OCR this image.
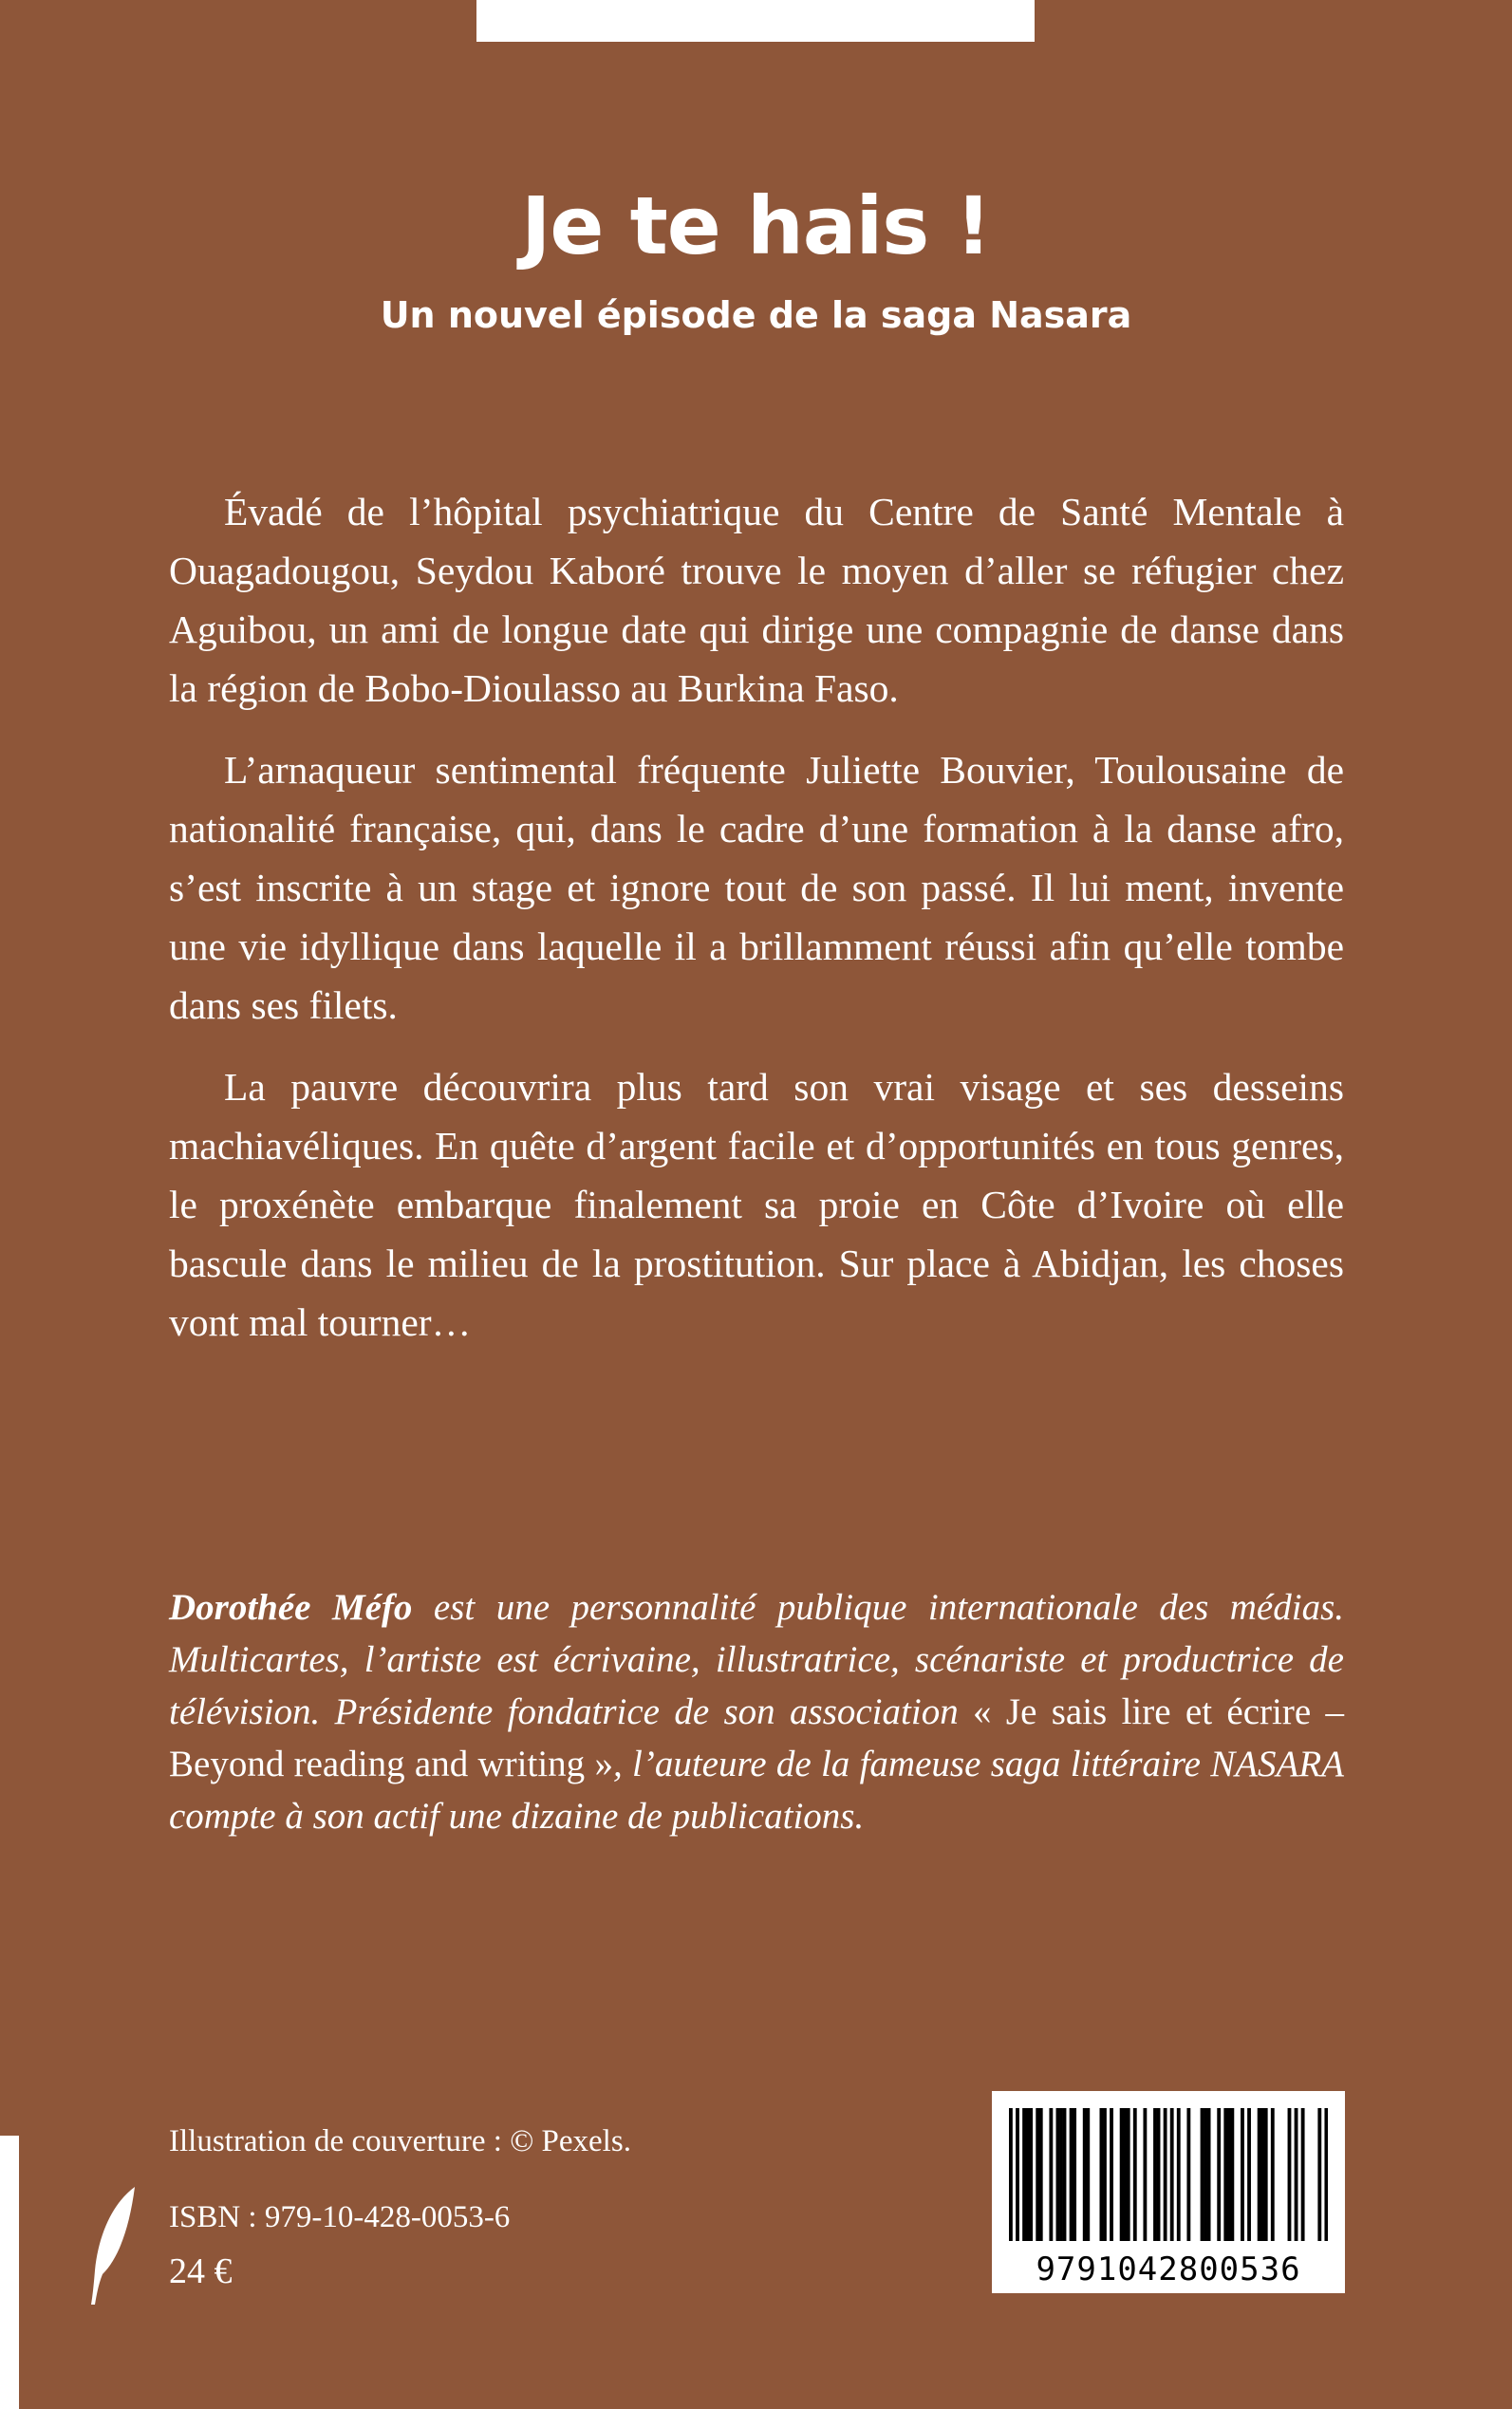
Je te hais !
Un nouvel épisode de la saga Nasara

Évadé de l’hôpital psychiatrique du Centre de Santé Mentale à Ouagadougou, Seydou Kaboré trouve le moyen d’aller se réfugier chez Aguibou, un ami de longue date qui dirige une compagnie de danse dans la région de Bobo-Dioulasso au Burkina Faso.

L’arnaqueur sentimental fréquente Juliette Bouvier, Toulousaine de nationalité française, qui, dans le cadre d’une formation à la danse afro, s’est inscrite à un stage et ignore tout de son passé. Il lui ment, invente une vie idyllique dans laquelle il a brillamment réussi afin qu’elle tombe dans ses filets.

La pauvre découvrira plus tard son vrai visage et ses desseins machiavéliques. En quête d’argent facile et d’opportunités en tous genres, le proxénète embarque finalement sa proie en Côte d’Ivoire où elle bascule dans le milieu de la prostitution. Sur place à Abidjan, les choses vont mal tourner…

Dorothée Méfo est une personnalité publique internationale des médias. Multicartes, l’artiste est écrivaine, illustratrice, scénariste et productrice de télévision. Présidente fondatrice de son association « Je sais lire et écrire – Beyond reading and writing », l’auteure de la fameuse saga littéraire NASARA compte à son actif une dizaine de publications.

Illustration de couverture : © Pexels.

ISBN : 979-10-428-0053-6

24 €	9791042800536
